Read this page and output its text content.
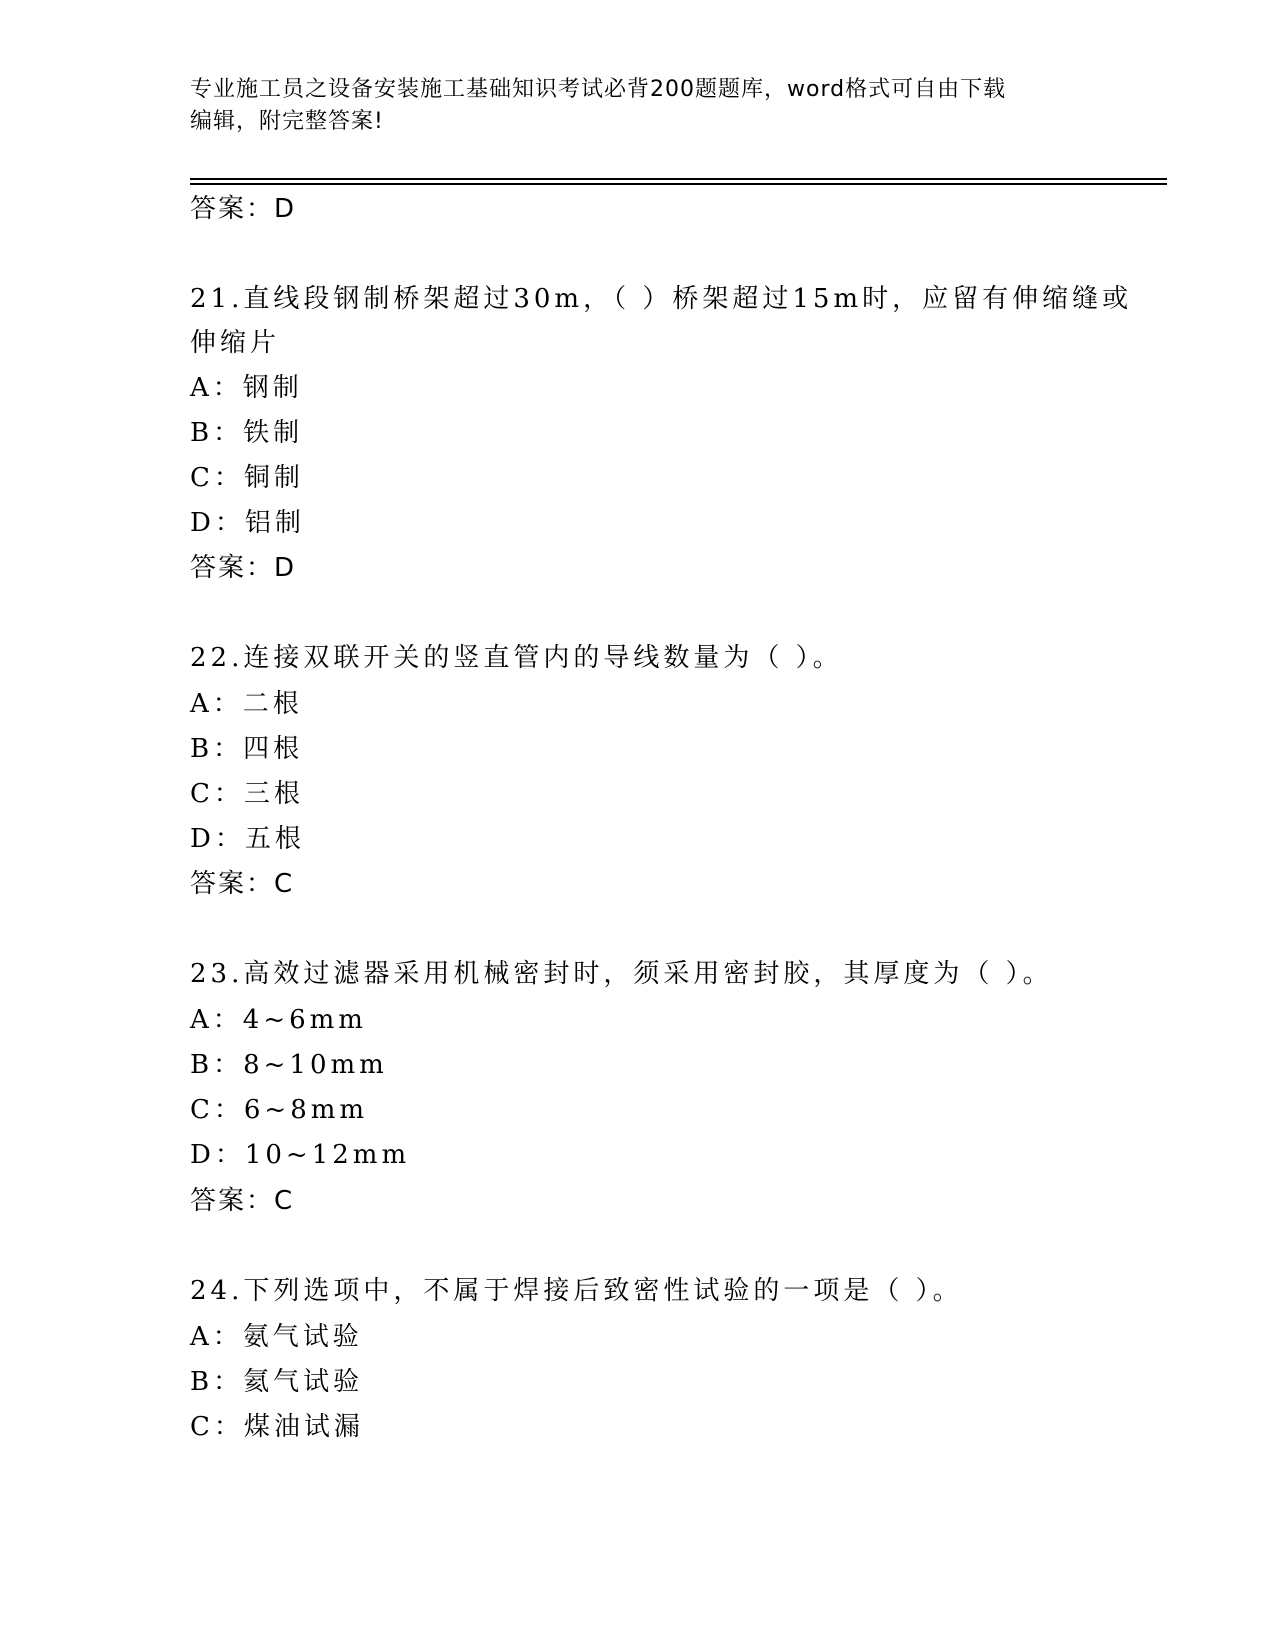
专业施工员之设备安装施工基础知识考试必背200题题库，word格式可自由下载
编辑，附完整答案!
答案：D
21.直线段钢制桥架超过30m，（ ）桥架超过15m时，应留有伸缩缝或
伸缩片
A：钢制
B：铁制
C：铜制
D：铝制
答案：D
22.连接双联开关的竖直管内的导线数量为（ ）。
A：二根
B：四根
C：三根
D：五根
答案：C
23.高效过滤器采用机械密封时，须采用密封胶，其厚度为（ ）。
A：4~6mm
B：8~10mm
C：6~8mm
D：10~12mm
答案：C
24.下列选项中，不属于焊接后致密性试验的一项是（ ）。
A：氨气试验
B：氦气试验
C：煤油试漏
